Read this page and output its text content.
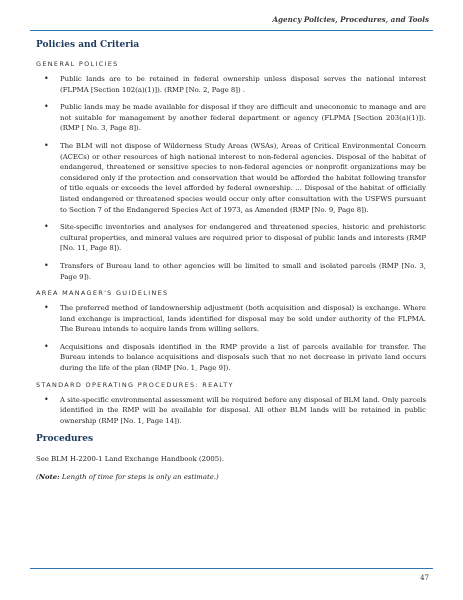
Agency Policies, Procedures, and Tools
Policies and Criteria
GENERAL POLICIES
• Public lands are to be retained in federal ownership unless disposal serves the national interest (FLPMA [Section 102(a)(1)]). (RMP [No. 2, Page 8]) .
• Public lands may be made available for disposal if they are difficult and uneconomic to manage and are not suitable for management by another federal department or agency (FLPMA [Section 203(a)(1)]). (RMP [ No. 3, Page 8]).
• The BLM will not dispose of Wilderness Study Areas (WSAs), Areas of Critical Environmental Concern (ACECs) or other resources of high national interest to non-federal agencies. Disposal of the habitat of endangered, threatened or sensitive species to non-federal agencies or nonprofit organizations may be considered only if the protection and conservation that would be afforded the habitat following transfer of title equals or exceeds the level afforded by federal ownership. ... Disposal of the habitat of officially listed endangered or threatened species would occur only after consultation with the USFWS pursuant to Section 7 of the Endangered Species Act of 1973, as Amended (RMP [No. 9, Page 8]).
• Site-specific inventories and analyses for endangered and threatened species, historic and prehistoric cultural properties, and mineral values are required prior to disposal of public lands and interests (RMP [No. 11, Page 8]).
• Transfers of Bureau land to other agencies will be limited to small and isolated parcels (RMP [No. 3, Page 9]).
AREA MANAGER'S GUIDELINES
• The preferred method of landownership adjustment (both acquisition and disposal) is exchange. Where land exchange is impractical, lands identified for disposal may be sold under authority of the FLPMA. The Bureau intends to acquire lands from willing sellers.
• Acquisitions and disposals identified in the RMP provide a list of parcels available for transfer. The Bureau intends to balance acquisitions and disposals such that no net decrease in private land occurs during the life of the plan (RMP [No. 1, Page 9]).
STANDARD OPERATING PROCEDURES: REALTY
• A site-specific environmental assessment will be required before any disposal of BLM land. Only parcels identified in the RMP will be available for disposal. All other BLM lands will be retained in public ownership (RMP [No. 1, Page 14]).
Procedures

See BLM H-2200-1 Land Exchange Handbook (2005).

(Note: Length of time for steps is only an estimate.)

47
